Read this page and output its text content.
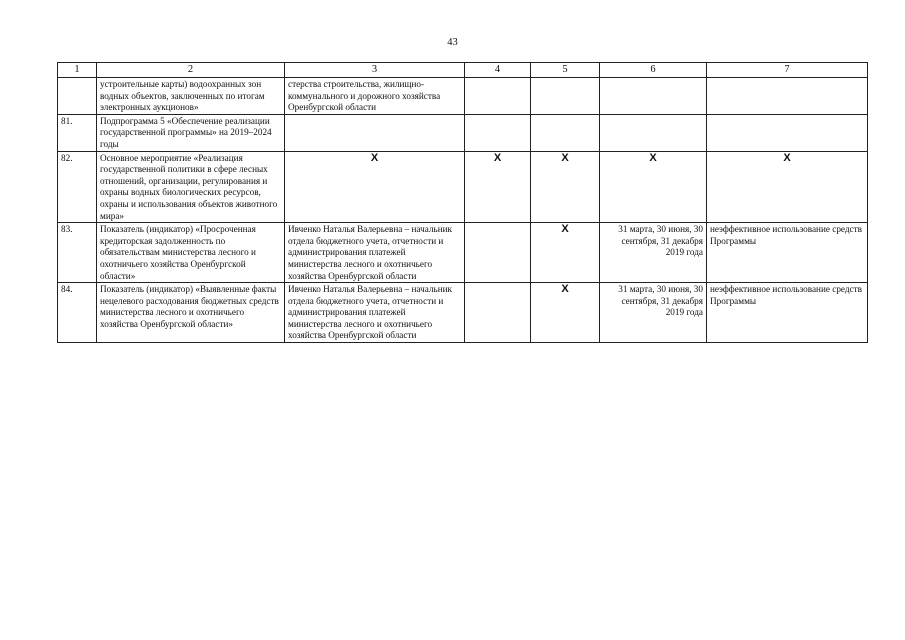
43
1	2	3	4	5	6	7
	устроительные карты) водоохранных зон водных объектов, заключенных по итогам электронных аукционов»	стерства строительства, жилищно-коммунального и дорожного хозяйства Оренбургской области				
81.	Подпрограмма 5 «Обеспечение реализации государственной программы» на 2019–2024 годы					
82.	Основное мероприятие «Реализация государственной политики в сфере лесных отношений, организации, регулирования и охраны водных биологических ресурсов, охраны и использования объектов животного мира»	Х	Х	Х	Х	Х
83.	Показатель (индикатор) «Просроченная кредиторская задолженность по обязательствам министерства лесного и охотничьего хозяйства Оренбургской области»	Ивченко Наталья Валерьевна – начальник отдела бюджетного учета, отчетности и администрирования платежей министерства лесного и охотничьего хозяйства Оренбургской области		Х	31 марта, 30 июня, 30 сентября, 31 декабря 2019 года	неэффективное использование средств Программы
84.	Показатель (индикатор) «Выявленные факты нецелевого расходования бюджетных средств министерства лесного и охотничьего хозяйства Оренбургской области»	Ивченко Наталья Валерьевна – начальник отдела бюджетного учета, отчетности и администрирования платежей министерства лесного и охотничьего хозяйства Оренбургской области		Х	31 марта, 30 июня, 30 сентября, 31 декабря 2019 года	неэффективное использование средств Программы
